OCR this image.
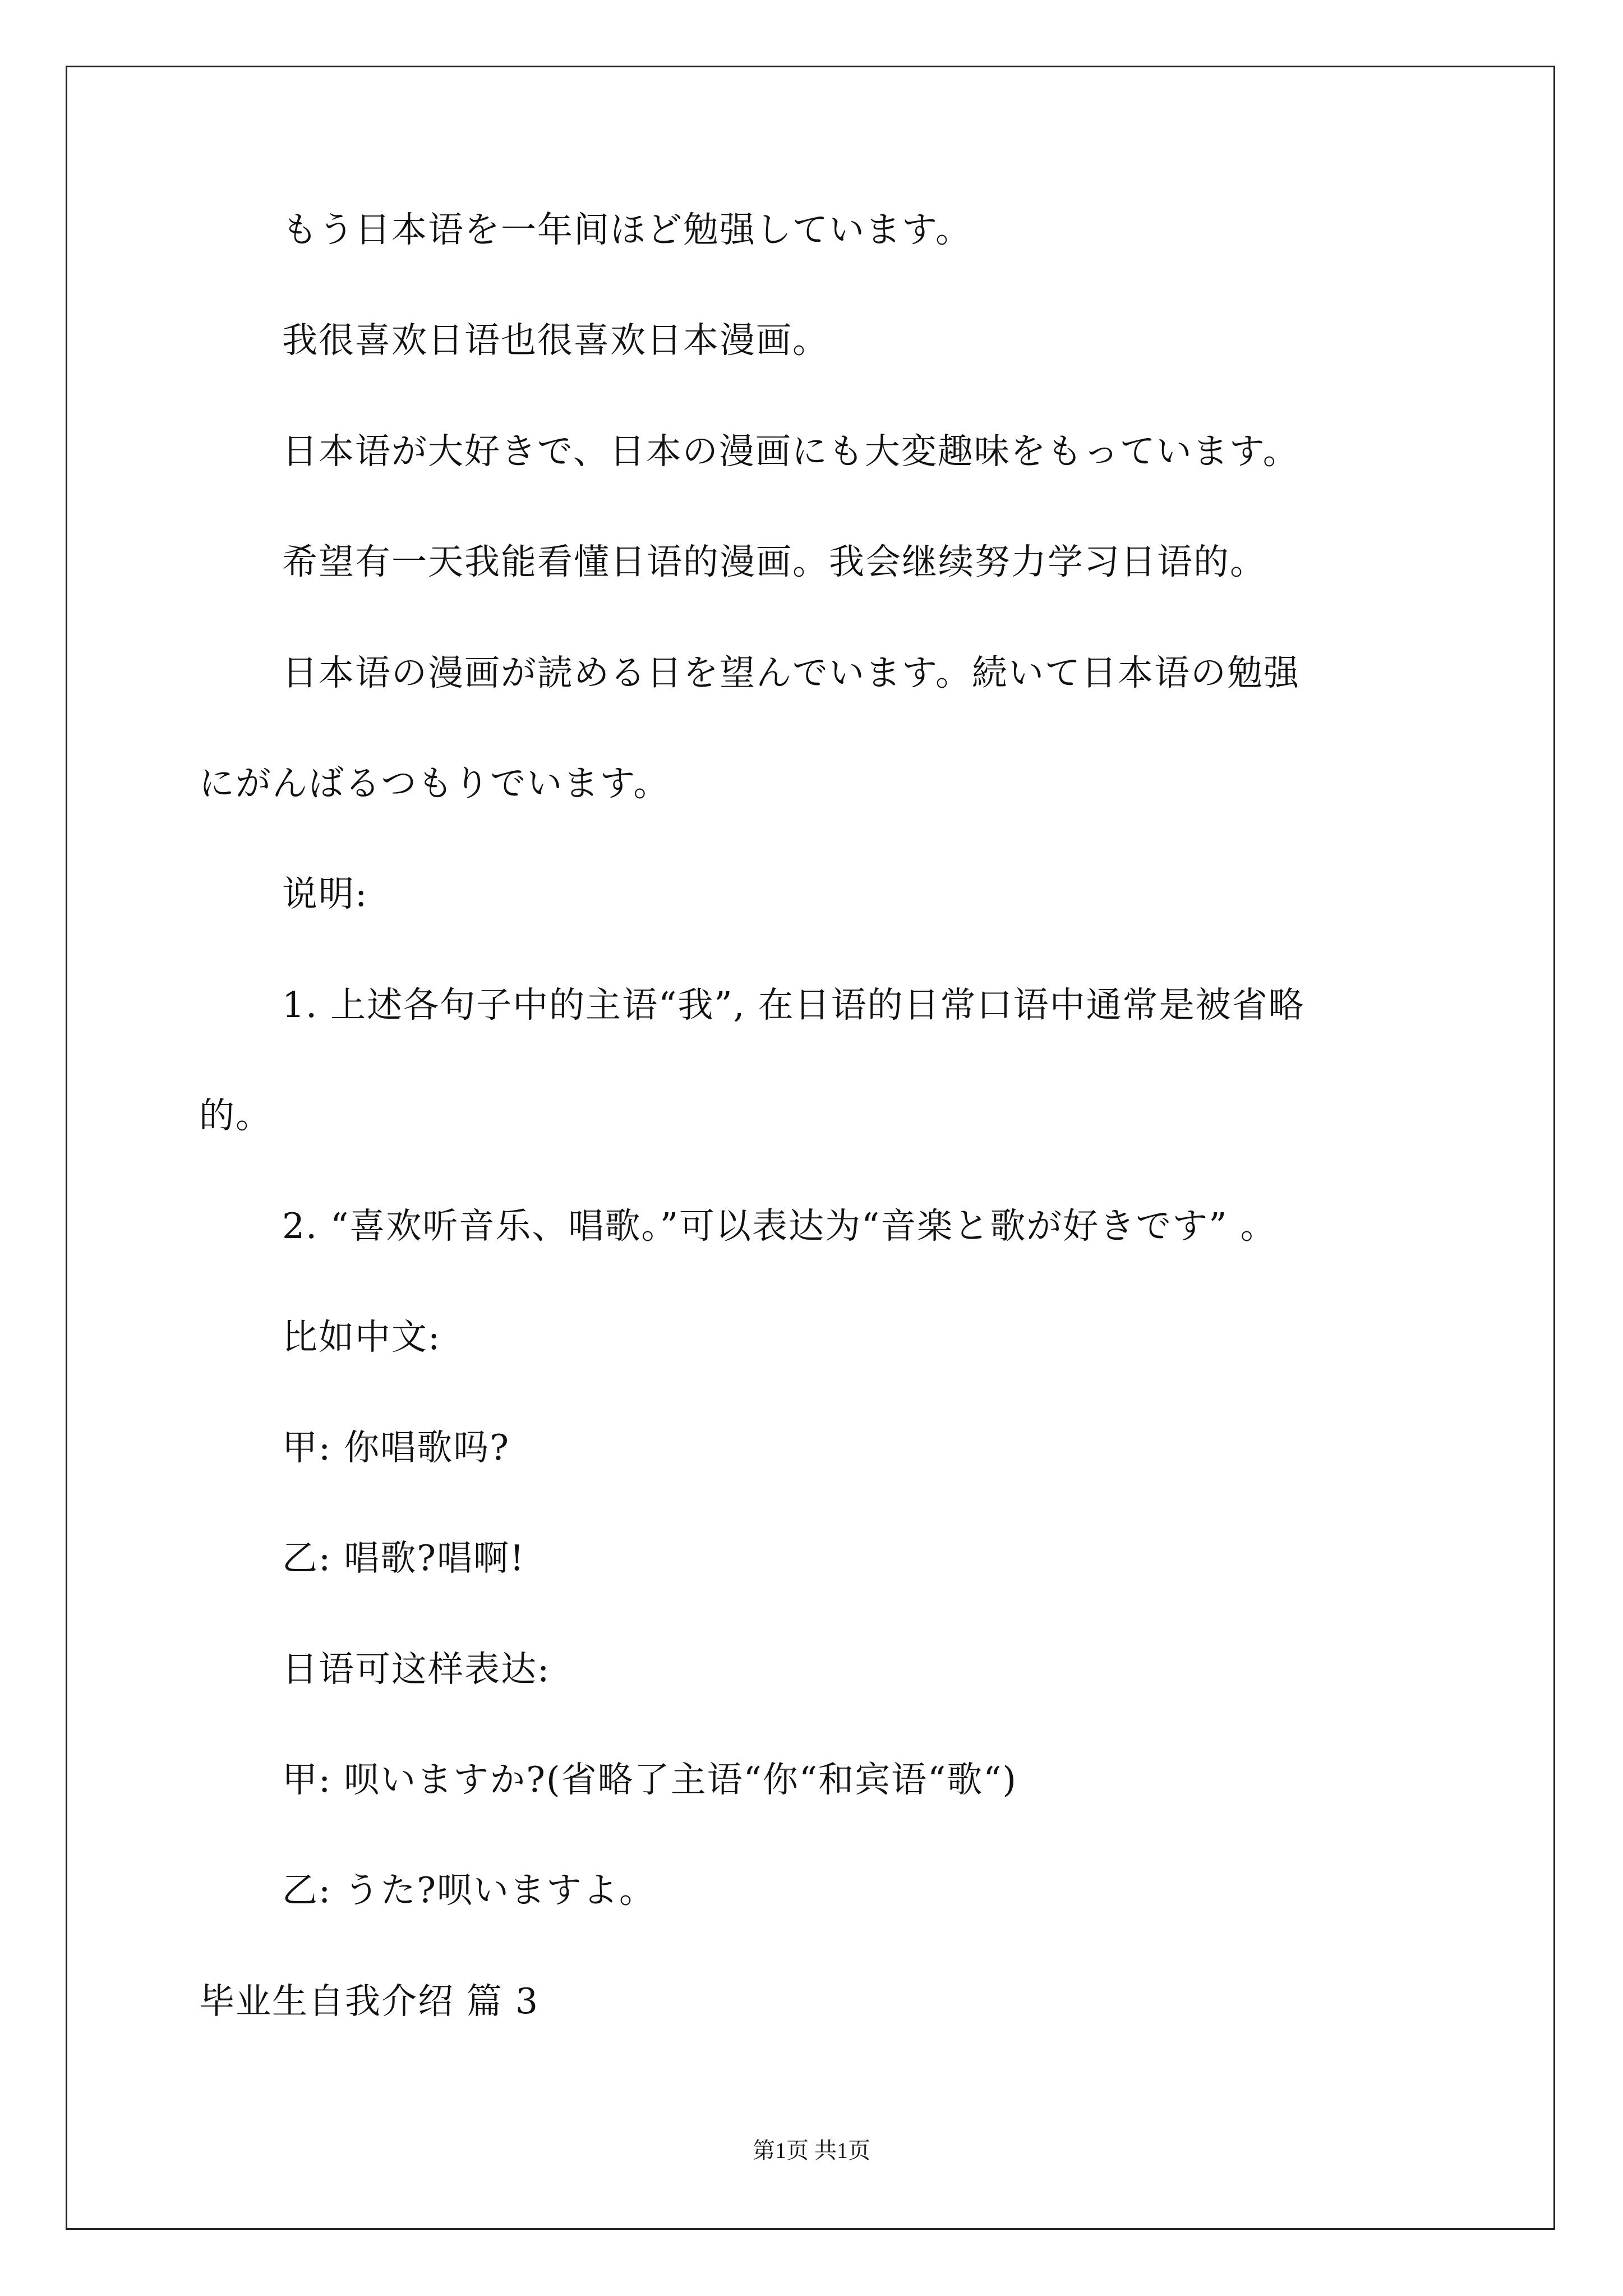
もう日本语を一年间ほど勉强しています。
我很喜欢日语也很喜欢日本漫画。
日本语が大好きで、日本の漫画にも大変趣味をもっています。
希望有一天我能看懂日语的漫画。我会继续努力学习日语的。
日本语の漫画が読める日を望んでいます。続いて日本语の勉强
にがんばるつもりでいます。
说明:
1. 上述各句子中的主语“我”, 在日语的日常口语中通常是被省略
的。
2. “喜欢听音乐、唱歌。”可以表达为“音楽と歌が好きです” 。
比如中文:
甲: 你唱歌吗?
乙: 唱歌?唱啊!
日语可这样表达:
甲: 呗いますか?(省略了主语“你“和宾语“歌“)
乙: うた?呗いますよ。
毕业生自我介绍 篇 3
第1页 共1页
